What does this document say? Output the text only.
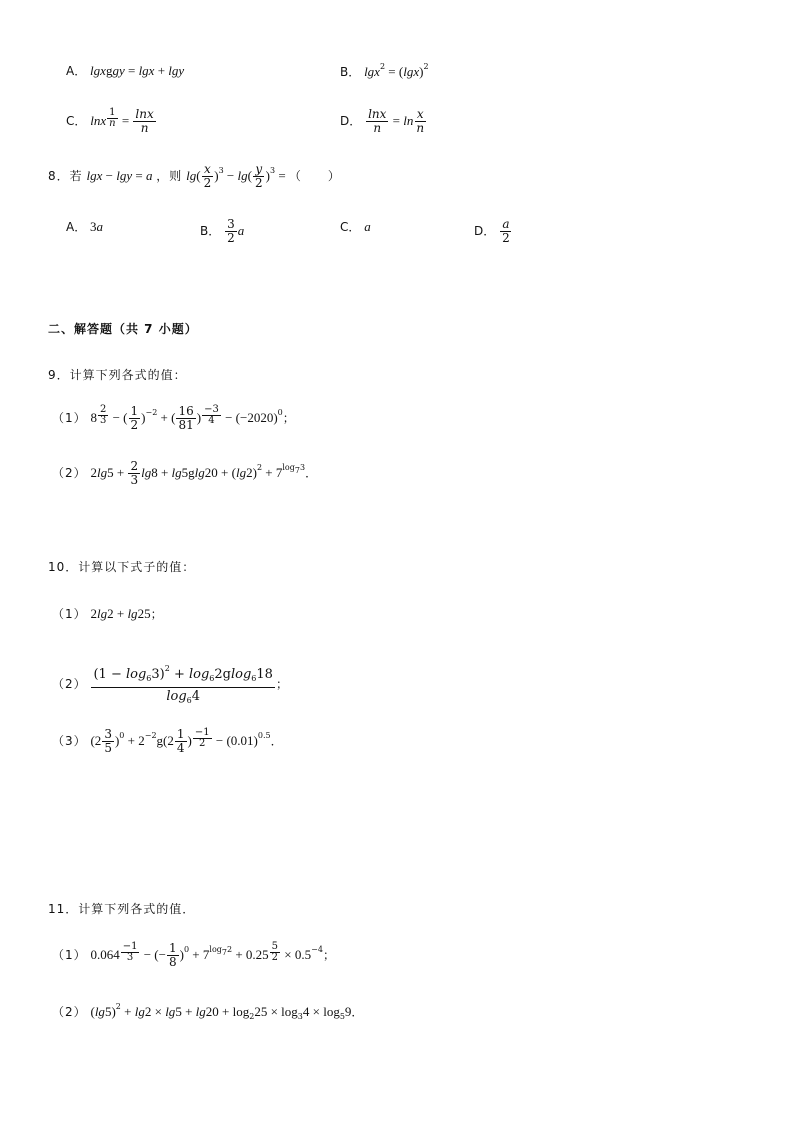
A． lgxggy = lgx + lgy	B． $\lg x^2 = (\lg x)^2$
C． lnx $\frac{1}{n} = \frac{\ln x}{n}$	D． $\frac{\ln x}{n} = \ln \frac{x}{n}$
8．若 lgx − lgy = a ，则 $\lg( \frac{x}{2} )^3 - \lg( \frac{y}{2} )^3$ = （　　）
A． 3a	B． $\frac{3}{2}$ a	C． a	D． $\frac{a}{2}$
二、解答题（共 7 小题）
9．计算下列各式的值：
（1） $8 \frac{2}{3}$ − ( $\frac{1}{2} )^{-2}$ + ( $\frac{16}{81}$ ) $\frac{-3}{4} - (-2020)^0$；
（2） $2\lg 5 + \frac{2}{3} \lg 8 + \lg 5glg20 + (\lg 2)^2 + 7^{log_73}$．
10．计算以下式子的值：
（1） 2lg2 + lg25；
$(2) \frac{(1 - \log_63)^2 + \log_62glog_618}{\log_64}$ ；
（3） $(2 \frac{3}{5} )^0 + 2^{-2}g(2 \frac{1}{4}$ ) $\frac{-1}{2} - (0.01)^{0.5}$．
11．计算下列各式的值．
（1） $0.064 \frac{-1}{3}$ − (− $\frac{1}{8} )^0 + 7^{log_72} + 0.25 \frac{5}{2} \times 0.5^{-4}$；
（2） $(\lg 5)^2 + \lg 2 \times \lg 5 + \lg 20 + \log_225 \times \log_34 \times \log_59$．
